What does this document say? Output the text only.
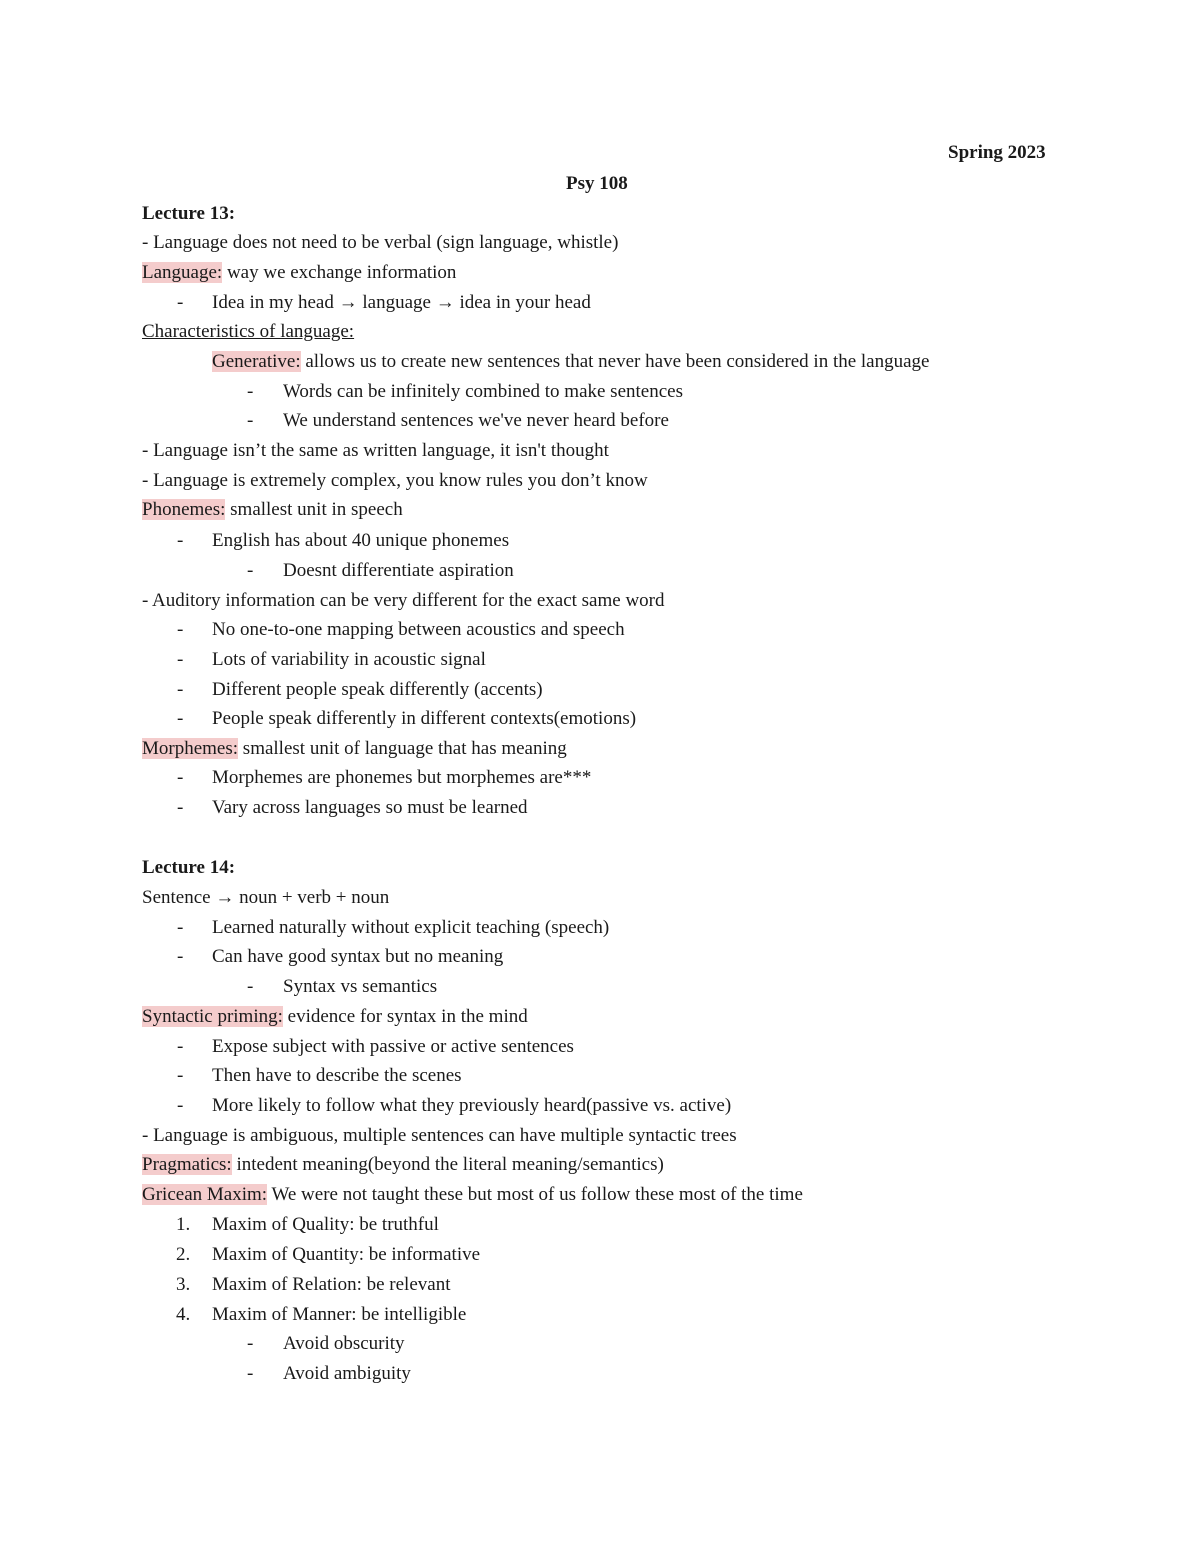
Spring 2023
Psy 108
Lecture 13:
- Language does not need to be verbal (sign language, whistle)
Language: way we exchange information
- Idea in my head → language → idea in your head
Characteristics of language:
Generative: allows us to create new sentences that never have been considered in the language
- Words can be infinitely combined to make sentences
- We understand sentences we've never heard before
- Language isn’t the same as written language, it isn't thought
- Language is extremely complex, you know rules you don’t know
Phonemes: smallest unit in speech
- English has about 40 unique phonemes
- Doesnt differentiate aspiration
- Auditory information can be very different for the exact same word
- No one-to-one mapping between acoustics and speech
- Lots of variability in acoustic signal
- Different people speak differently (accents)
- People speak differently in different contexts(emotions)
Morphemes: smallest unit of language that has meaning
- Morphemes are phonemes but morphemes are***
- Vary across languages so must be learned
Lecture 14:
Sentence → noun + verb + noun
- Learned naturally without explicit teaching (speech)
- Can have good syntax but no meaning
- Syntax vs semantics
Syntactic priming: evidence for syntax in the mind
- Expose subject with passive or active sentences
- Then have to describe the scenes
- More likely to follow what they previously heard(passive vs. active)
- Language is ambiguous, multiple sentences can have multiple syntactic trees
Pragmatics: intedent meaning(beyond the literal meaning/semantics)
Gricean Maxim: We were not taught these but most of us follow these most of the time
1. Maxim of Quality: be truthful
2. Maxim of Quantity: be informative
3. Maxim of Relation: be relevant
4. Maxim of Manner: be intelligible
- Avoid obscurity
- Avoid ambiguity
